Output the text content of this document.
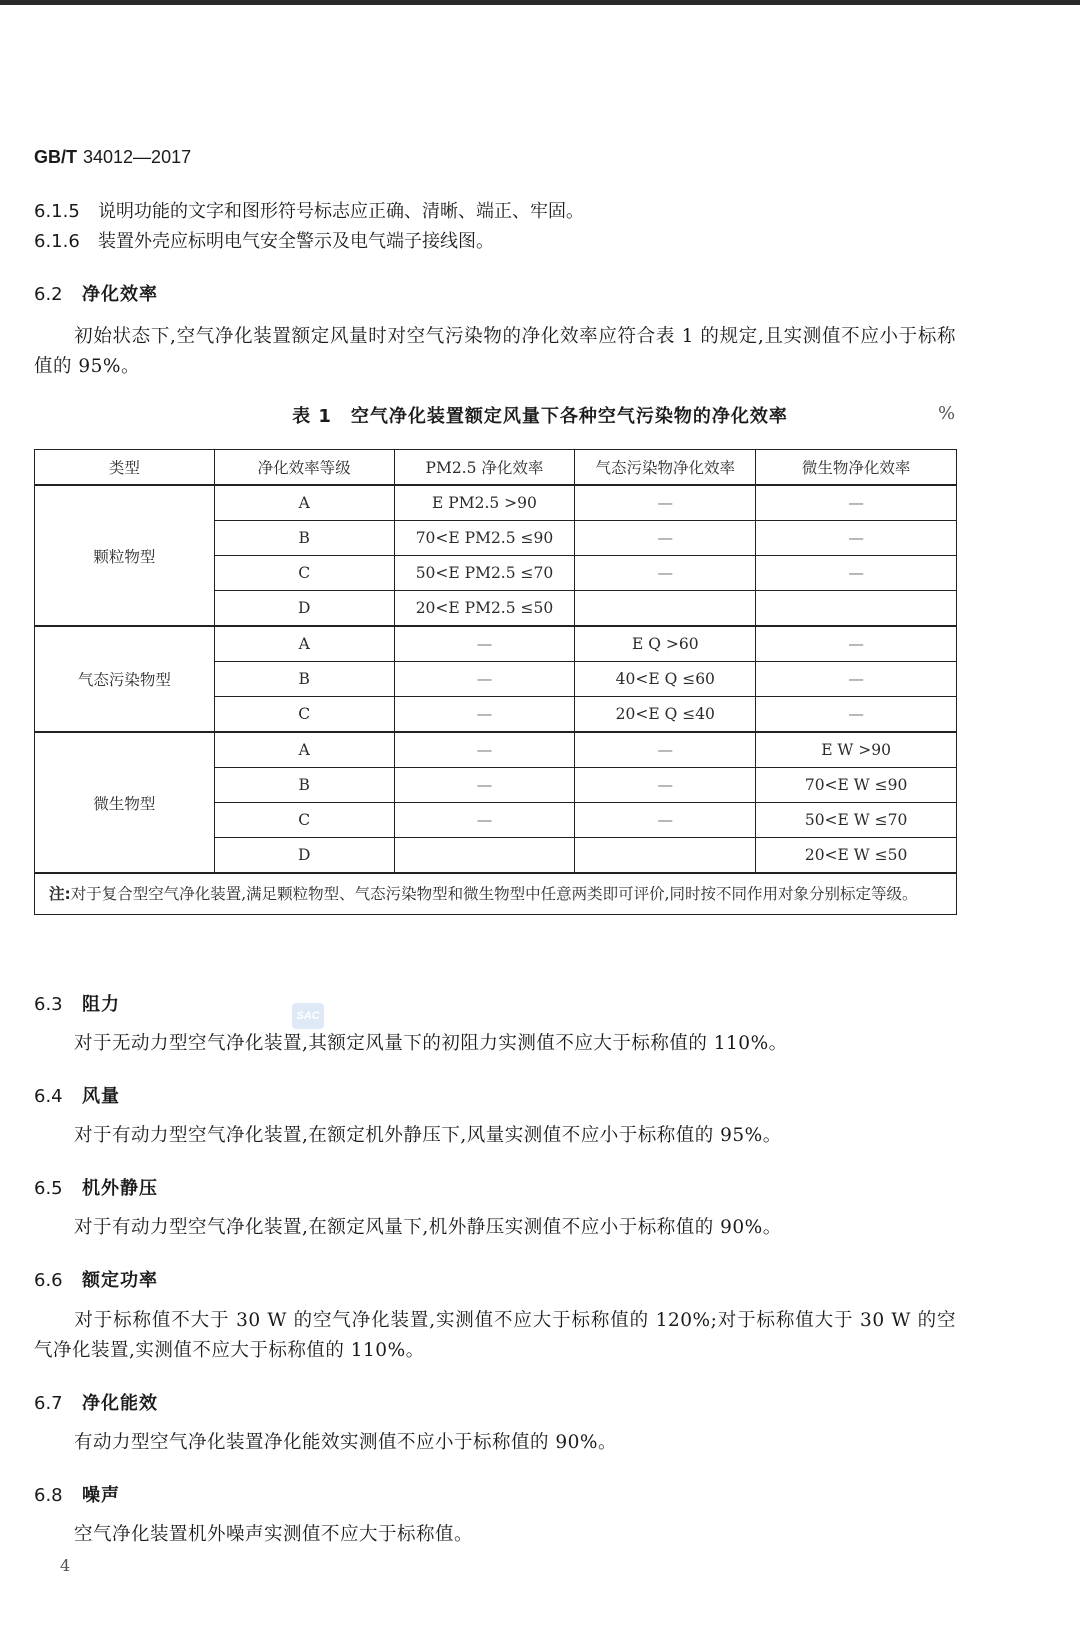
GB/T 34012—2017
6.1.5 说明功能的文字和图形符号标志应正确、清晰、端正、牢固。
6.1.6 装置外壳应标明电气安全警示及电气端子接线图。
6.2 净化效率
初始状态下,空气净化装置额定风量时对空气污染物的净化效率应符合表 1 的规定,且实测值不应小于标称值的 95%。
表 1　空气净化装置额定风量下各种空气污染物的净化效率	%
类型	净化效率等级	PM2.5 净化效率	气态污染物净化效率	微生物净化效率
颗粒物型	A	E PM2.5 >90	—	—
	B	70<E PM2.5 ≤90	—	—
	C	50<E PM2.5 ≤70	—	—
	D	20<E PM2.5 ≤50		
气态污染物型	A	—	E Q >60	—
	B	—	40<E Q ≤60	—
	C	—	20<E Q ≤40	—
微生物型	A	—	—	E W >90
	B	—	—	70<E W ≤90
	C	—	—	50<E W ≤70
	D			20<E W ≤50
注:对于复合型空气净化装置,满足颗粒物型、气态污染物型和微生物型中任意两类即可评价,同时按不同作用对象分别标定等级。				
SAC
6.3 阻力
对于无动力型空气净化装置,其额定风量下的初阻力实测值不应大于标称值的 110%。
6.4 风量
对于有动力型空气净化装置,在额定机外静压下,风量实测值不应小于标称值的 95%。
6.5 机外静压
对于有动力型空气净化装置,在额定风量下,机外静压实测值不应小于标称值的 90%。
6.6 额定功率
对于标称值不大于 30 W 的空气净化装置,实测值不应大于标称值的 120%;对于标称值大于 30 W 的空气净化装置,实测值不应大于标称值的 110%。
6.7 净化能效
有动力型空气净化装置净化能效实测值不应小于标称值的 90%。
6.8 噪声
空气净化装置机外噪声实测值不应大于标称值。
4
